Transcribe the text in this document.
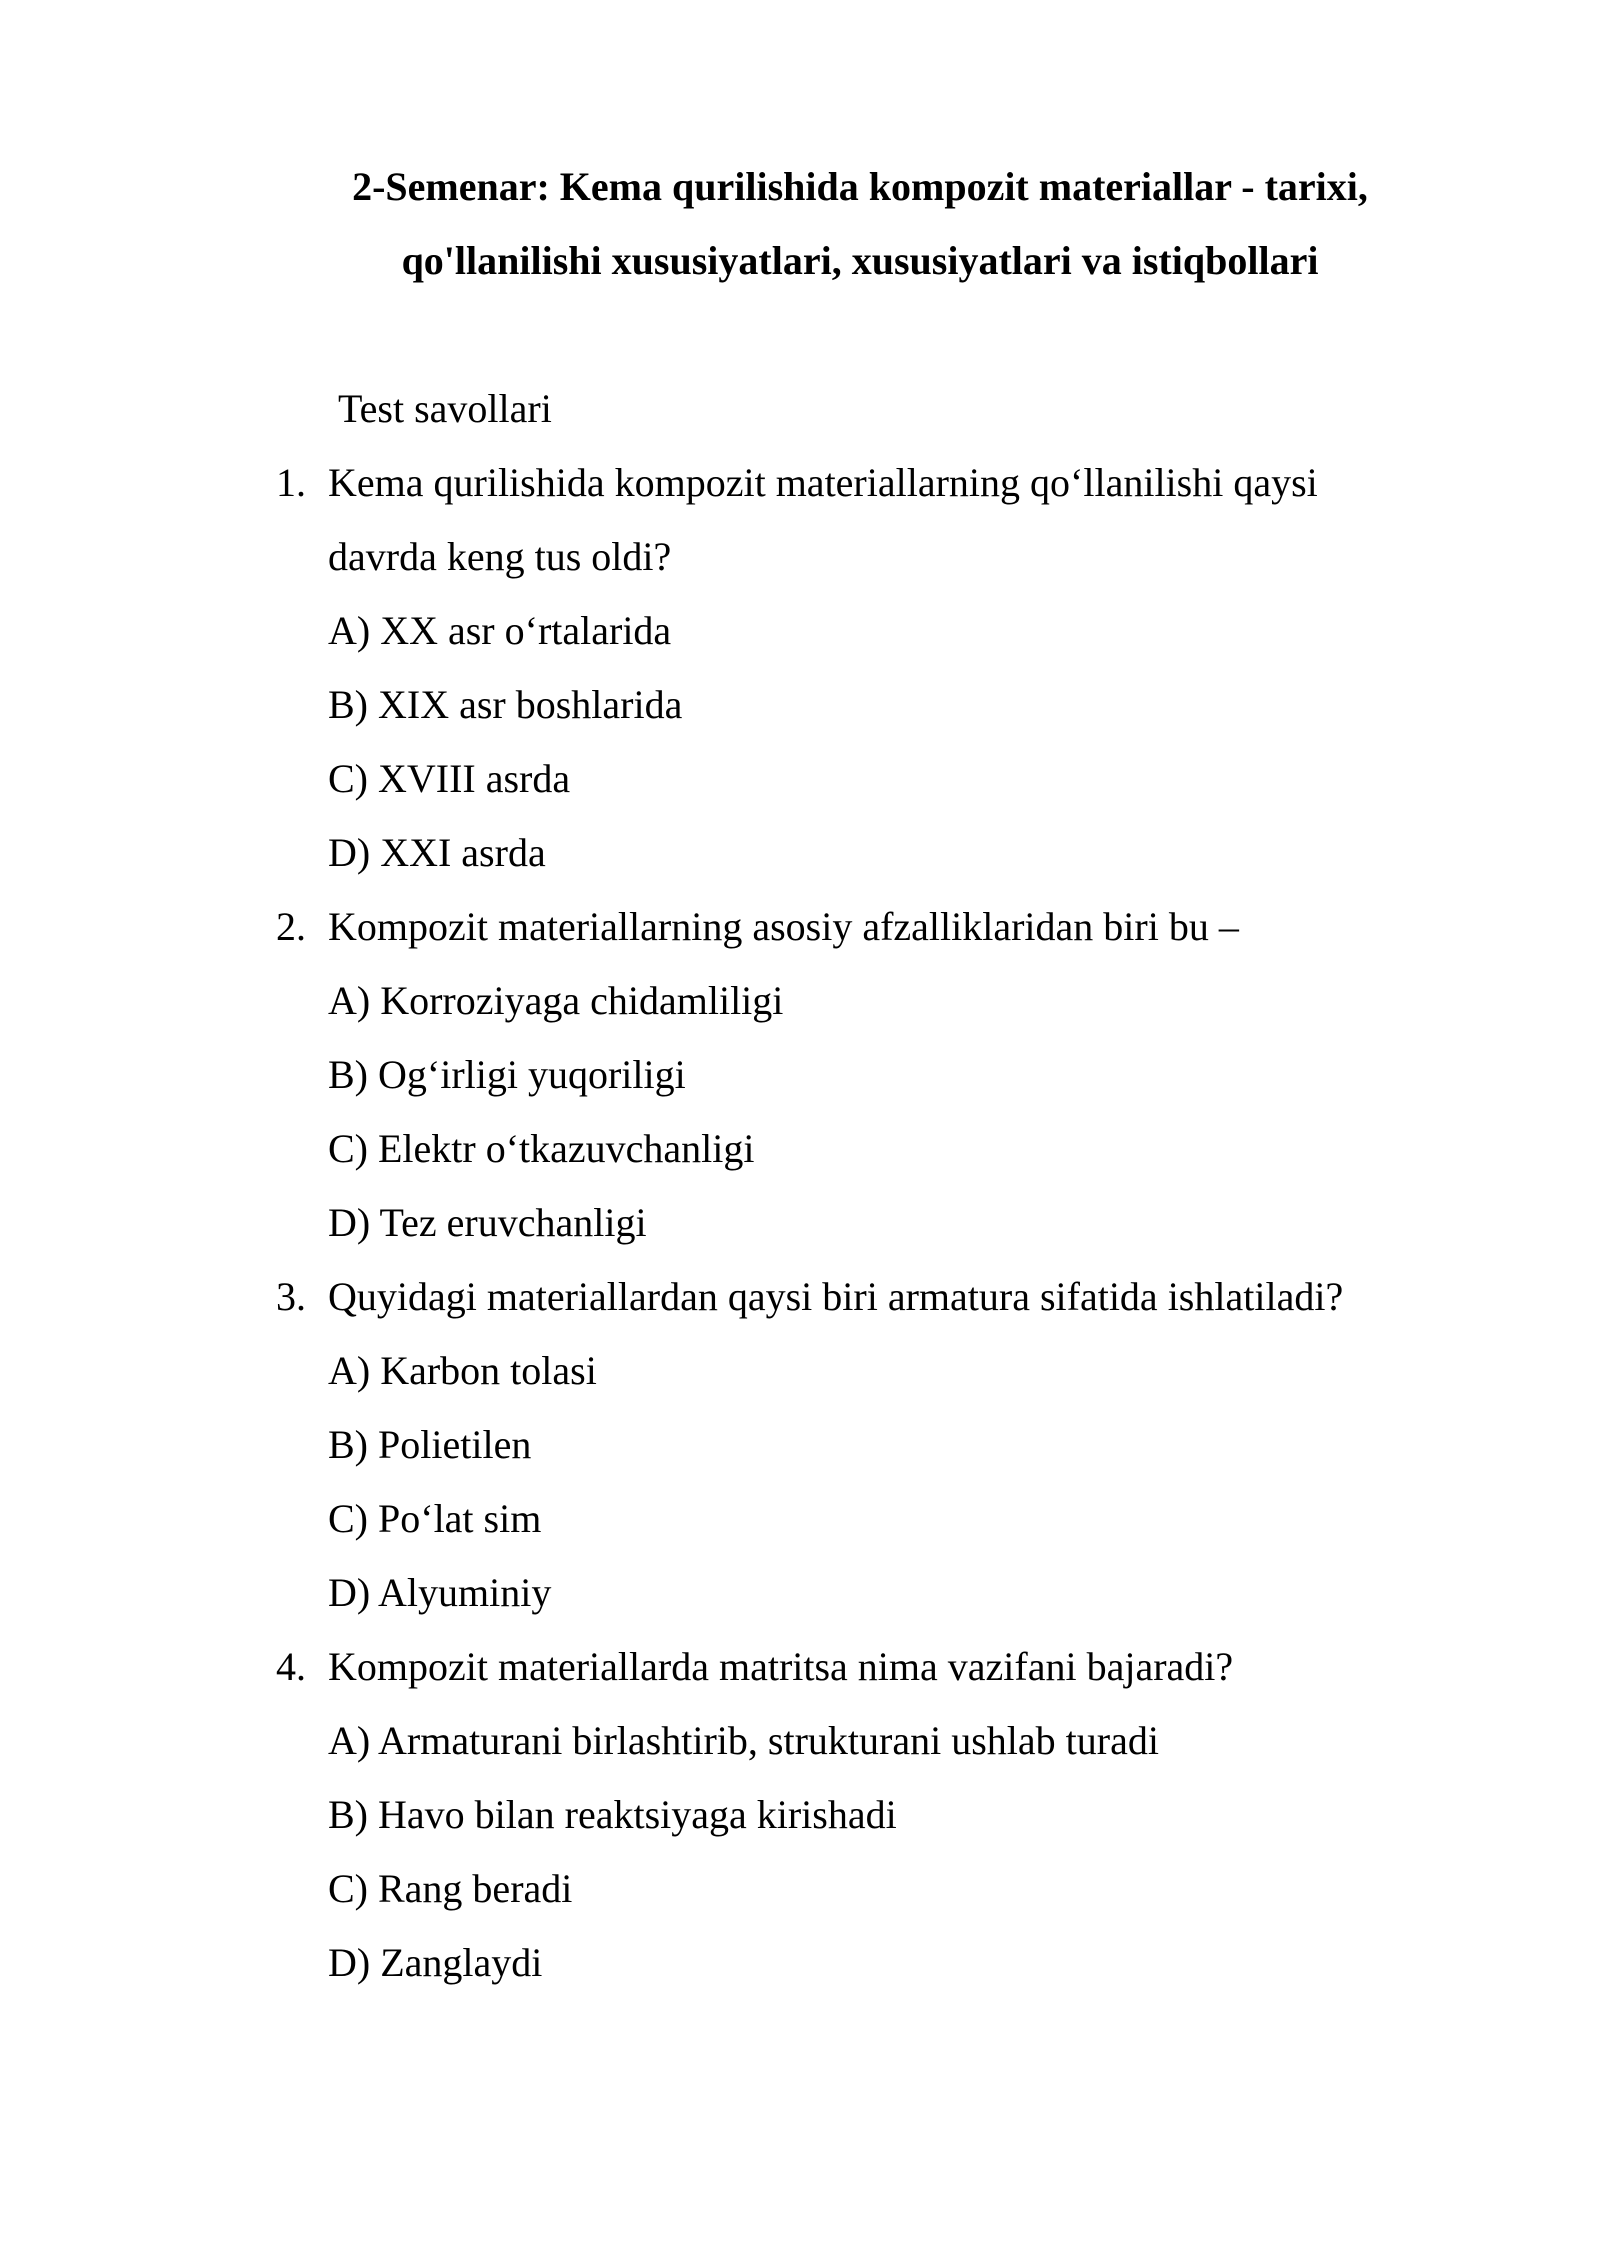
2-Semenar: Kema qurilishida kompozit materiallar - tarixi,
qo'llanilishi xususiyatlari, xususiyatlari va istiqbollari
Test savollari
1. Kema qurilishida kompozit materiallarning qo‘llanilishi qaysi
davrda keng tus oldi?
A) XX asr o‘rtalarida
B) XIX asr boshlarida
C) XVIII asrda
D) XXI asrda
2. Kompozit materiallarning asosiy afzalliklaridan biri bu –
A) Korroziyaga chidamliligi
B) Og‘irligi yuqoriligi
C) Elektr o‘tkazuvchanligi
D) Tez eruvchanligi
3. Quyidagi materiallardan qaysi biri armatura sifatida ishlatiladi?
A) Karbon tolasi
B) Polietilen
C) Po‘lat sim
D) Alyuminiy
4. Kompozit materiallarda matritsa nima vazifani bajaradi?
A) Armaturani birlashtirib, strukturani ushlab turadi
B) Havo bilan reaktsiyaga kirishadi
C) Rang beradi
D) Zanglaydi
